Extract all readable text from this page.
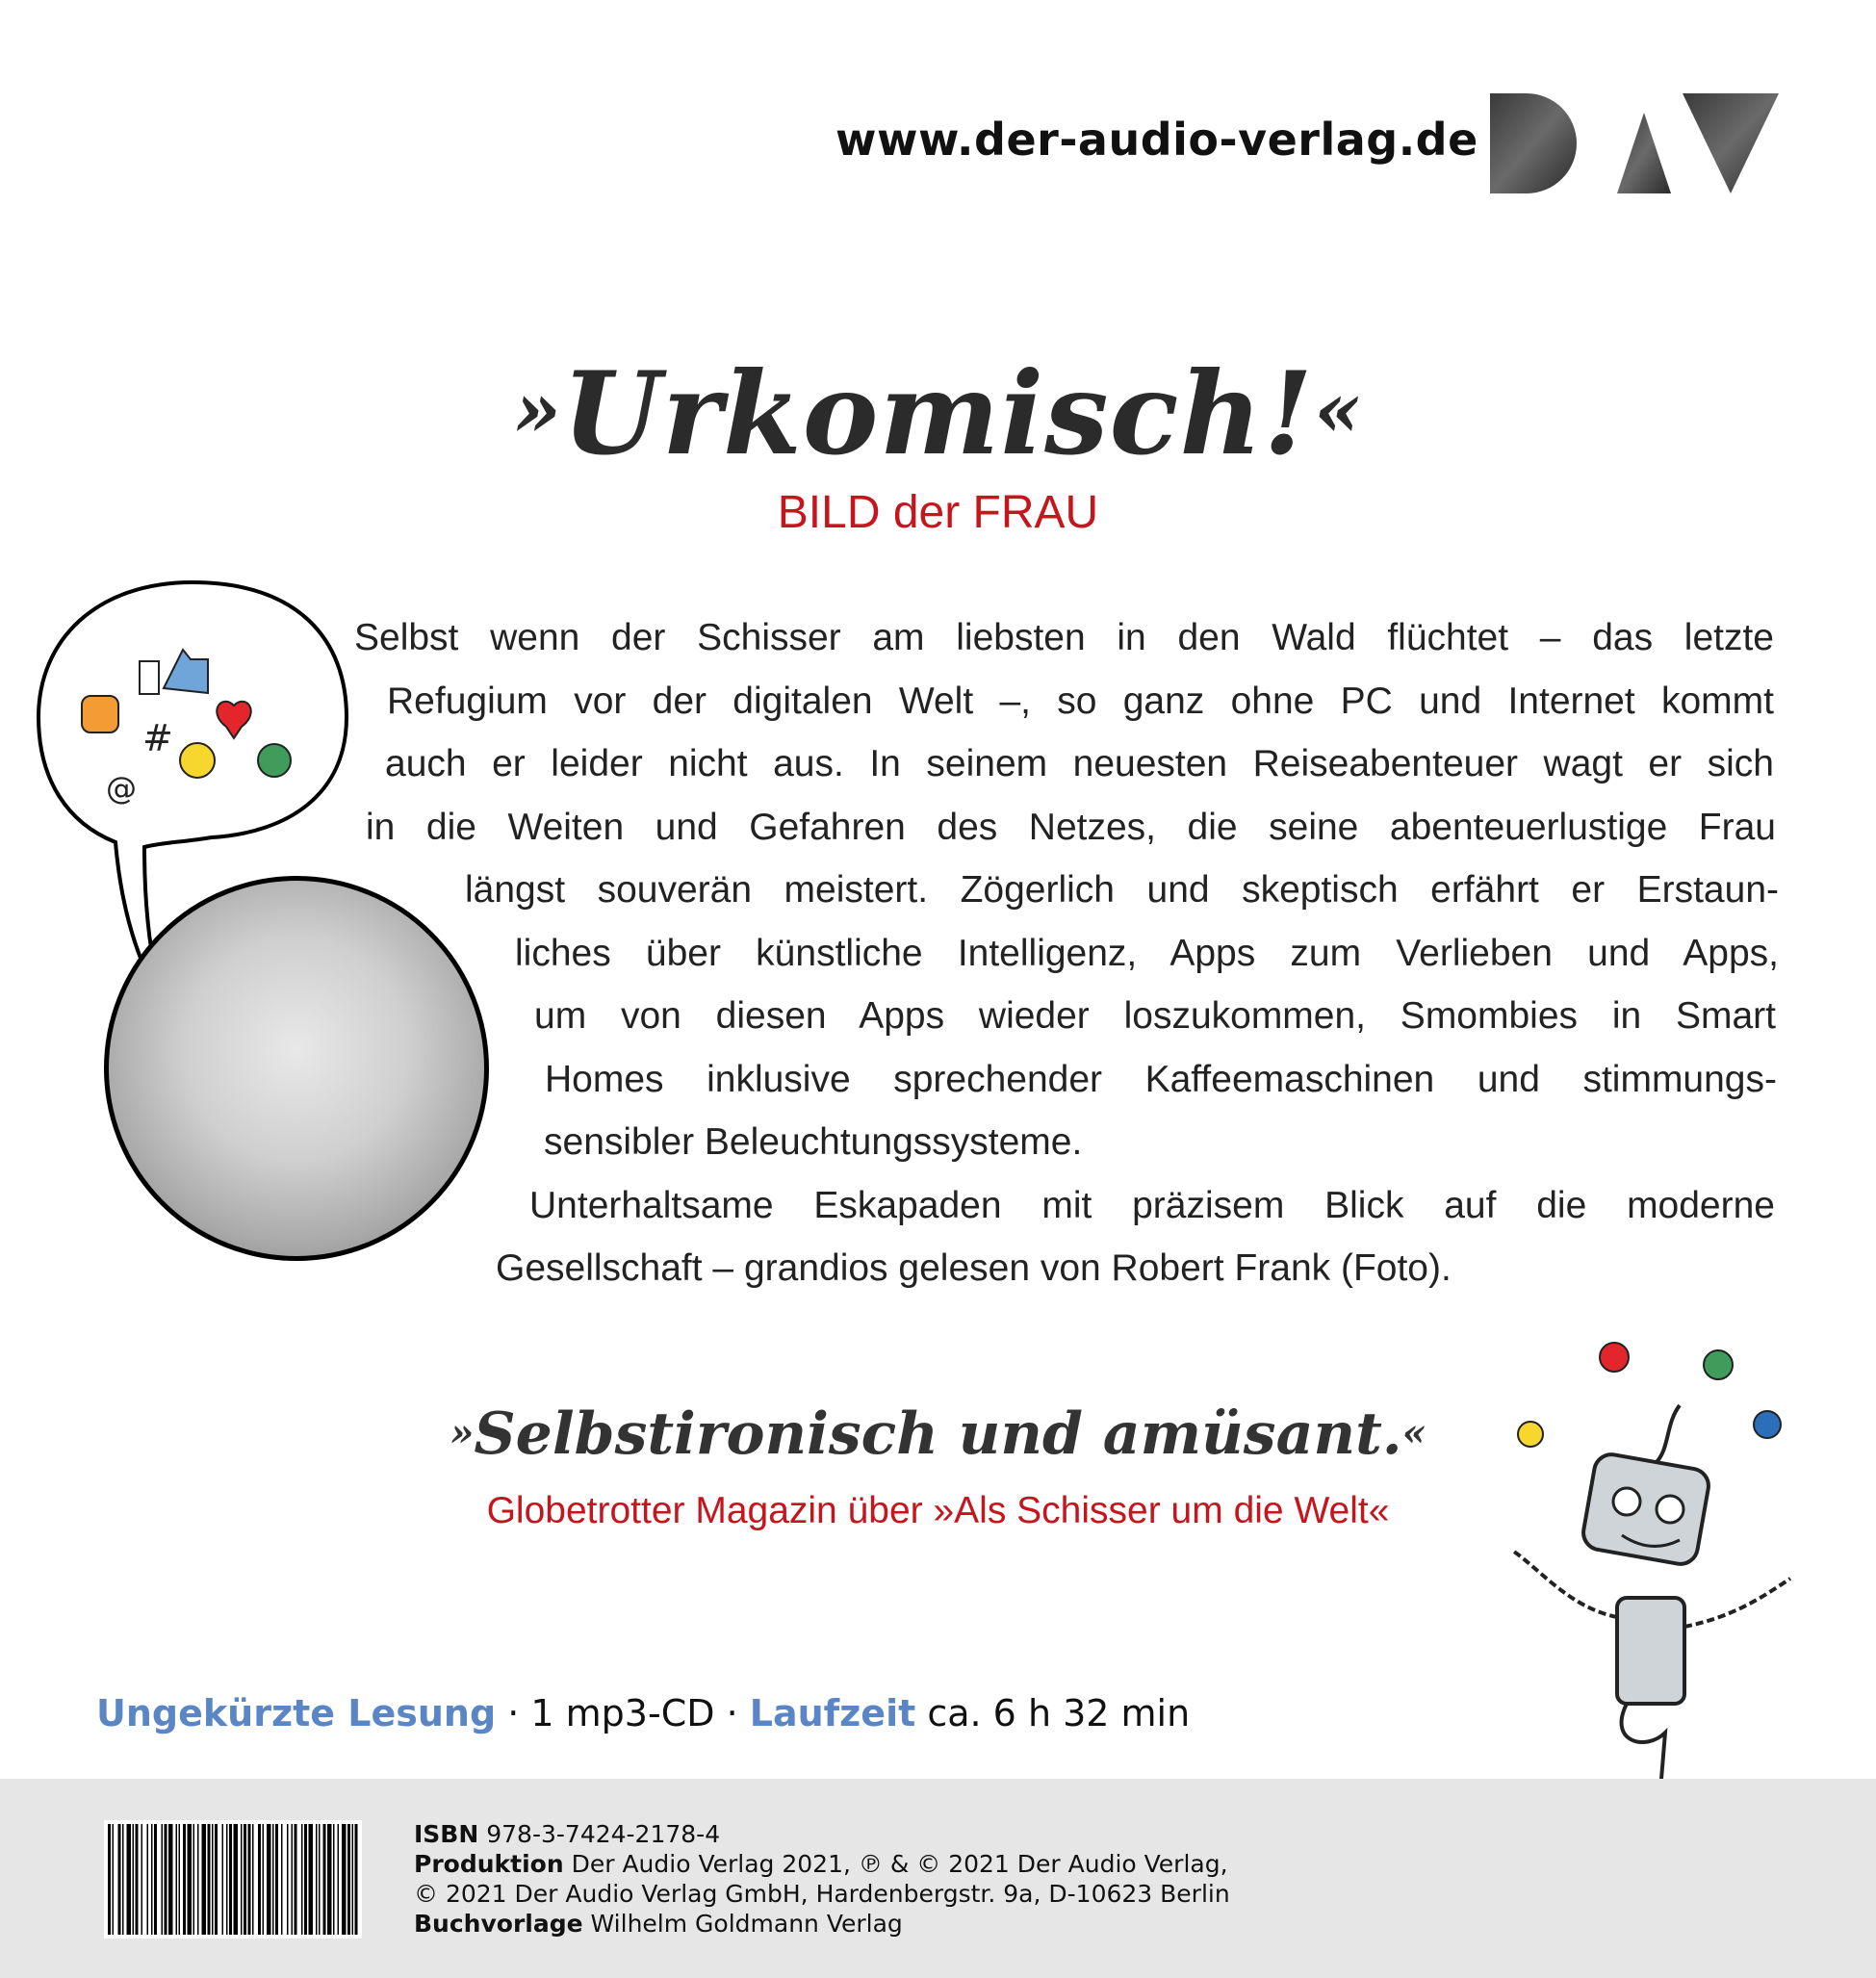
www.der-audio-verlag.de
»Urkomisch!«
BILD der FRAU
#
@
Selbst wenn der Schisser am liebsten in den Wald flüchtet – das letzte
Refugium vor der digitalen Welt –, so ganz ohne PC und Internet kommt
auch er leider nicht aus. In seinem neuesten Reiseabenteuer wagt er sich
in die Weiten und Gefahren des Netzes, die seine abenteuerlustige Frau
längst souverän meistert. Zögerlich und skeptisch erfährt er Erstaun-
liches über künstliche Intelligenz, Apps zum Verlieben und Apps,
um von diesen Apps wieder loszukommen, Smombies in Smart
Homes inklusive sprechender Kaffeemaschinen und stimmungs-
sensibler Beleuchtungssysteme.
Unterhaltsame Eskapaden mit präzisem Blick auf die moderne
Gesellschaft – grandios gelesen von Robert Frank (Foto).
»Selbstironisch und amüsant.«
Globetrotter Magazin über »Als Schisser um die Welt«
Ungekürzte Lesung · 1 mp3-CD · Laufzeit ca. 6 h 32 min
ISBN 978-3-7424-2178-4
Produktion Der Audio Verlag 2021, ℗ & © 2021 Der Audio Verlag,
© 2021 Der Audio Verlag GmbH, Hardenbergstr. 9a, D-10623 Berlin
Buchvorlage Wilhelm Goldmann Verlag
